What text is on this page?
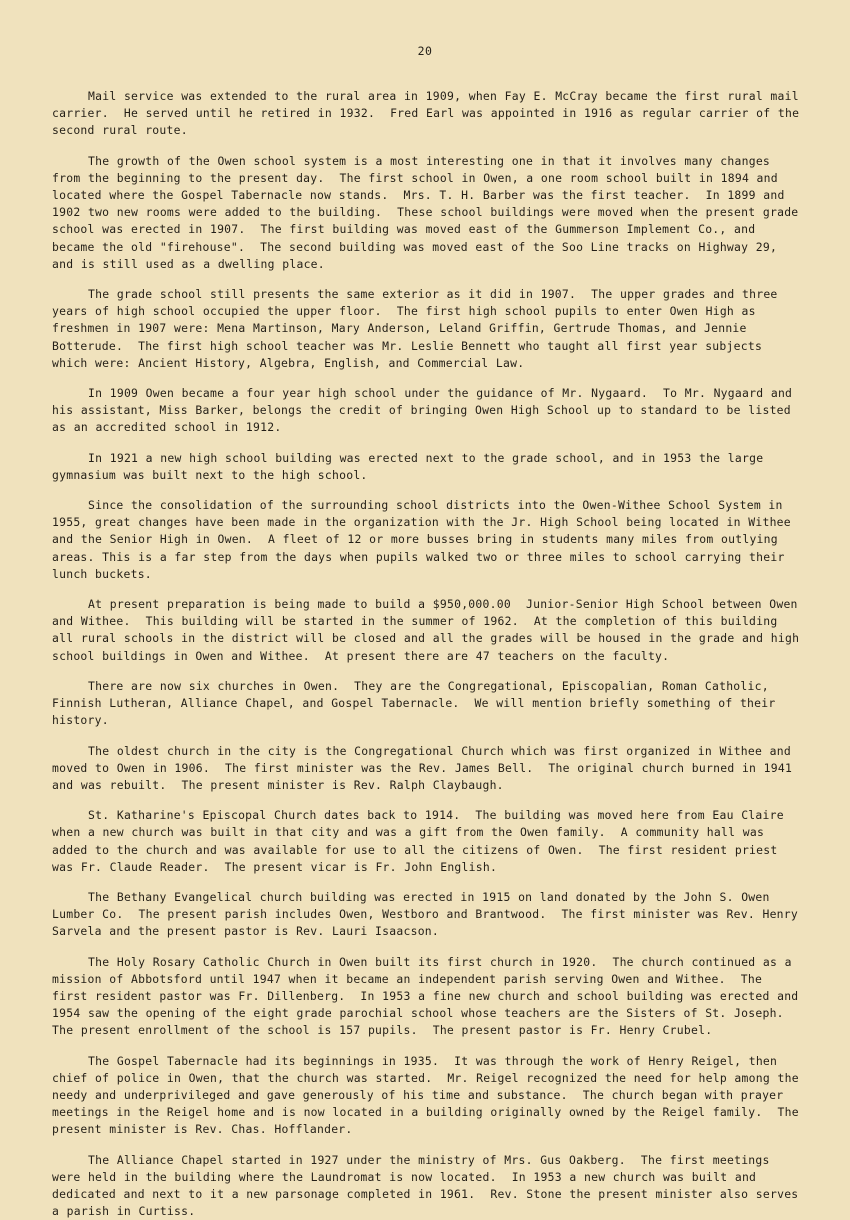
20

Mail service was extended to the rural area in 1909, when Fay E. McCray became the first rural mail carrier.  He served until he retired in 1932.  Fred Earl was appointed in 1916 as regular carrier of the second rural route.

The growth of the Owen school system is a most interesting one in that it involves many changes from the beginning to the present day.  The first school in Owen, a one room school built in 1894 and located where the Gospel Tabernacle now stands.  Mrs. T. H. Barber was the first teacher.  In 1899 and 1902 two new rooms were added to the building.  These school buildings were moved when the present grade school was erected in 1907.  The first building was moved east of the Gummerson Implement Co., and became the old "firehouse".  The second building was moved east of the Soo Line tracks on Highway 29, and is still used as a dwelling place.

The grade school still presents the same exterior as it did in 1907.  The upper grades and three years of high school occupied the upper floor.  The first high school pupils to enter Owen High as freshmen in 1907 were: Mena Martinson, Mary Anderson, Leland Griffin, Gertrude Thomas, and Jennie Botterude.  The first high school teacher was Mr. Leslie Bennett who taught all first year subjects which were: Ancient History, Algebra, English, and Commercial Law.

In 1909 Owen became a four year high school under the guidance of Mr. Nygaard.  To Mr. Nygaard and his assistant, Miss Barker, belongs the credit of bringing Owen High School up to standard to be listed as an accredited school in 1912.

In 1921 a new high school building was erected next to the grade school, and in 1953 the large gymnasium was built next to the high school.

Since the consolidation of the surrounding school districts into the Owen-Withee School System in 1955, great changes have been made in the organization with the Jr. High School being located in Withee and the Senior High in Owen.  A fleet of 12 or more busses bring in students many miles from outlying areas. This is a far step from the days when pupils walked two or three miles to school carrying their lunch buckets.

At present preparation is being made to build a $950,000.00  Junior-Senior High School between Owen and Withee.  This building will be started in the summer of 1962.  At the completion of this building all rural schools in the district will be closed and all the grades will be housed in the grade and high school buildings in Owen and Withee.  At present there are 47 teachers on the faculty.

There are now six churches in Owen.  They are the Congregational, Episcopalian, Roman Catholic, Finnish Lutheran, Alliance Chapel, and Gospel Tabernacle.  We will mention briefly something of their history.

The oldest church in the city is the Congregational Church which was first organized in Withee and moved to Owen in 1906.  The first minister was the Rev. James Bell.  The original church burned in 1941 and was rebuilt.  The present minister is Rev. Ralph Claybaugh.

St. Katharine's Episcopal Church dates back to 1914.  The building was moved here from Eau Claire when a new church was built in that city and was a gift from the Owen family.  A community hall was added to the church and was available for use to all the citizens of Owen.  The first resident priest was Fr. Claude Reader.  The present vicar is Fr. John English.

The Bethany Evangelical church building was erected in 1915 on land donated by the John S. Owen Lumber Co.  The present parish includes Owen, Westboro and Brantwood.  The first minister was Rev. Henry Sarvela and the present pastor is Rev. Lauri Isaacson.

The Holy Rosary Catholic Church in Owen built its first church in 1920.  The church continued as a mission of Abbotsford until 1947 when it became an independent parish serving Owen and Withee.  The first resident pastor was Fr. Dillenberg.  In 1953 a fine new church and school building was erected and 1954 saw the opening of the eight grade parochial school whose teachers are the Sisters of St. Joseph.  The present enrollment of the school is 157 pupils.  The present pastor is Fr. Henry Crubel.

The Gospel Tabernacle had its beginnings in 1935.  It was through the work of Henry Reigel, then chief of police in Owen, that the church was started.  Mr. Reigel recognized the need for help among the needy and underprivileged and gave generously of his time and substance.  The church began with prayer meetings in the Reigel home and is now located in a building originally owned by the Reigel family.  The present minister is Rev. Chas. Hofflander.

The Alliance Chapel started in 1927 under the ministry of Mrs. Gus Oakberg.  The first meetings were held in the building where the Laundromat is now located.  In 1953 a new church was built and dedicated and next to it a new parsonage completed in 1961.  Rev. Stone the present minister also serves a parish in Curtiss.
